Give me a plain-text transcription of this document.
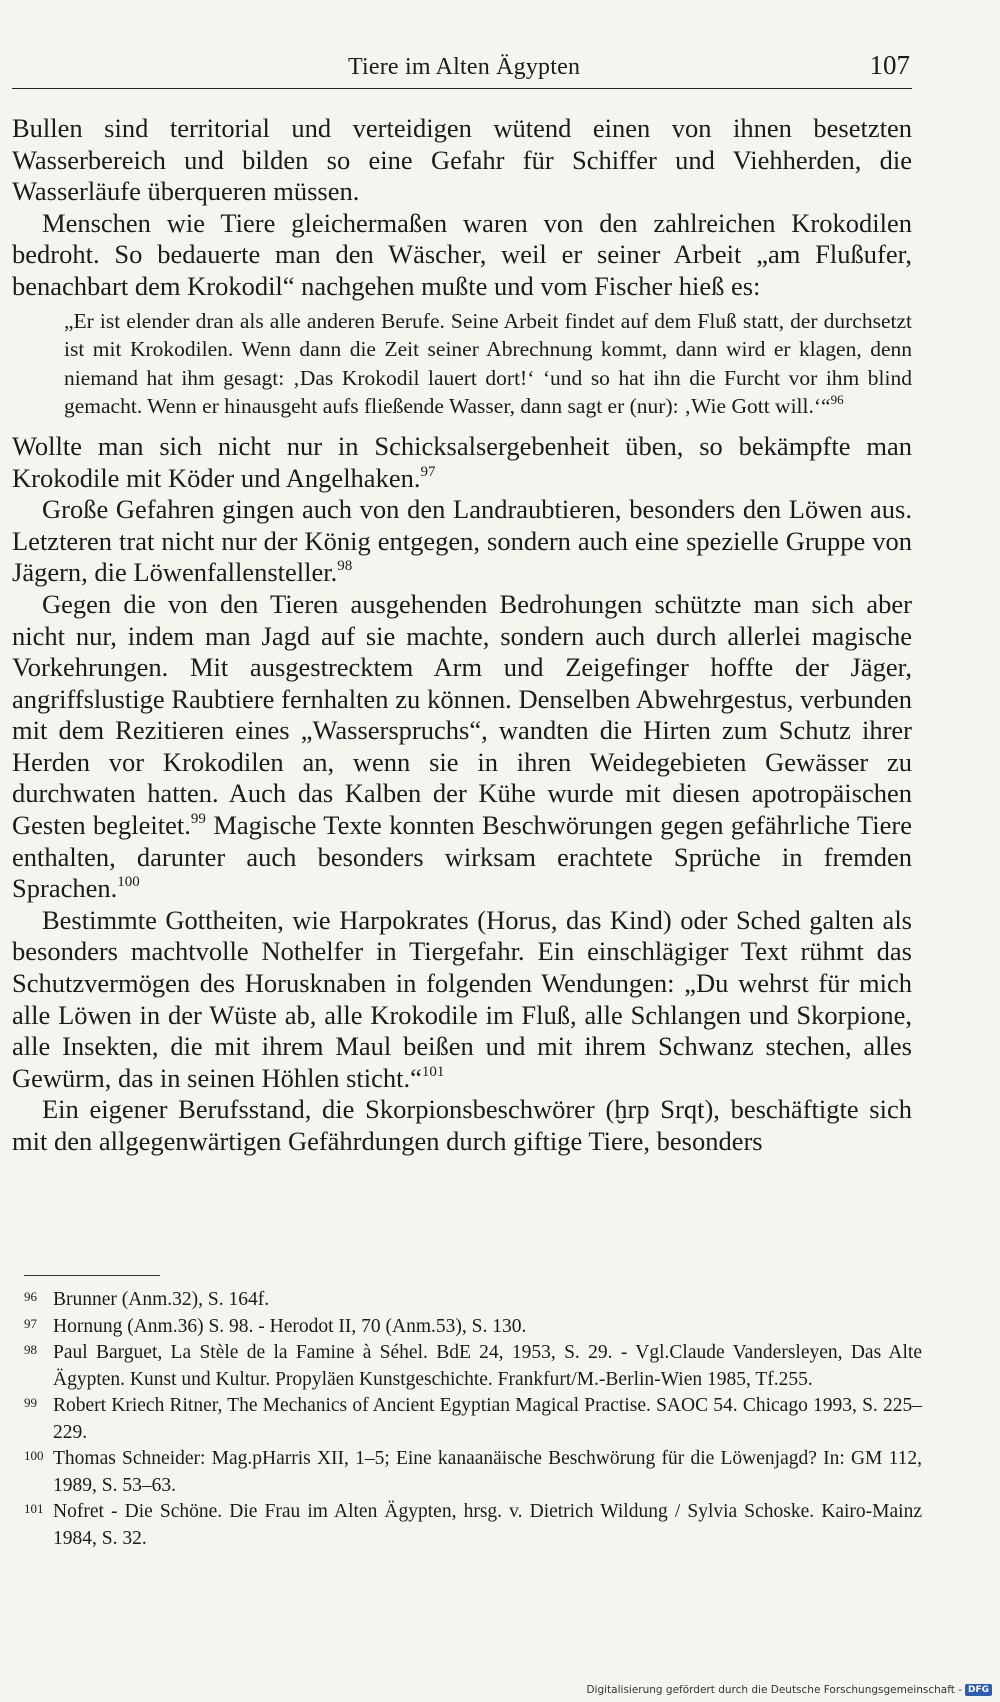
Tiere im Alten Ägypten	107

Bullen sind territorial und verteidigen wütend einen von ihnen besetzten Wasserbereich und bilden so eine Gefahr für Schiffer und Viehherden, die Wasserläufe überqueren müssen.

Menschen wie Tiere gleichermaßen waren von den zahlreichen Krokodilen bedroht. So bedauerte man den Wäscher, weil er seiner Arbeit „am Flußufer, benachbart dem Krokodil“ nachgehen mußte und vom Fischer hieß es:

„Er ist elender dran als alle anderen Berufe. Seine Arbeit findet auf dem Fluß statt, der durchsetzt ist mit Krokodilen. Wenn dann die Zeit seiner Abrechnung kommt, dann wird er klagen, denn niemand hat ihm gesagt: ‚Das Krokodil lauert dort!‘ ‘und so hat ihn die Furcht vor ihm blind gemacht. Wenn er hinausgeht aufs fließende Wasser, dann sagt er (nur): ‚Wie Gott will.‘“$^{96}$

Wollte man sich nicht nur in Schicksalsergebenheit üben, so bekämpfte man Krokodile mit Köder und Angelhaken.$^{97}$

Große Gefahren gingen auch von den Landraubtieren, besonders den Löwen aus. Letzteren trat nicht nur der König entgegen, sondern auch eine spezielle Gruppe von Jägern, die Löwenfallensteller.$^{98}$

Gegen die von den Tieren ausgehenden Bedrohungen schützte man sich aber nicht nur, indem man Jagd auf sie machte, sondern auch durch allerlei magische Vorkehrungen. Mit ausgestrecktem Arm und Zeigefinger hoffte der Jäger, angriffslustige Raubtiere fernhalten zu können. Denselben Abwehrgestus, verbunden mit dem Rezitieren eines „Wasserspruchs“, wandten die Hirten zum Schutz ihrer Herden vor Krokodilen an, wenn sie in ihren Weidegebieten Gewässer zu durchwaten hatten. Auch das Kalben der Kühe wurde mit diesen apotropäischen Gesten begleitet.$^{99}$ Magische Texte konnten Beschwörungen gegen gefährliche Tiere enthalten, darunter auch besonders wirksam erachtete Sprüche in fremden Sprachen.$^{100}$

Bestimmte Gottheiten, wie Harpokrates (Horus, das Kind) oder Sched galten als besonders machtvolle Nothelfer in Tiergefahr. Ein einschlägiger Text rühmt das Schutzvermögen des Horusknaben in folgenden Wendungen: „Du wehrst für mich alle Löwen in der Wüste ab, alle Krokodile im Fluß, alle Schlangen und Skorpione, alle Insekten, die mit ihrem Maul beißen und mit ihrem Schwanz stechen, alles Gewürm, das in seinen Höhlen sticht.“$^{101}$

Ein eigener Berufsstand, die Skorpionsbeschwörer (ḫrp Srqt), beschäftigte sich mit den allgegenwärtigen Gefährdungen durch giftige Tiere, besonders

96 Brunner (Anm.32), S. 164f.
97 Hornung (Anm.36) S. 98. - Herodot II, 70 (Anm.53), S. 130.
98 Paul Barguet, La Stèle de la Famine à Séhel. BdE 24, 1953, S. 29. - Vgl.Claude Vandersleyen, Das Alte Ägypten. Kunst und Kultur. Propyläen Kunstgeschichte. Frankfurt/M.-Berlin-Wien 1985, Tf.255.
99 Robert Kriech Ritner, The Mechanics of Ancient Egyptian Magical Practise. SAOC 54. Chicago 1993, S. 225–229.
100 Thomas Schneider: Mag.pHarris XII, 1–5; Eine kanaanäische Beschwörung für die Löwenjagd? In: GM 112, 1989, S. 53–63.
101 Nofret - Die Schöne. Die Frau im Alten Ägypten, hrsg. v. Dietrich Wildung / Sylvia Schoske. Kairo-Mainz 1984, S. 32.
Digitalisierung gefördert durch die Deutsche Forschungsgemeinschaft - DFG
